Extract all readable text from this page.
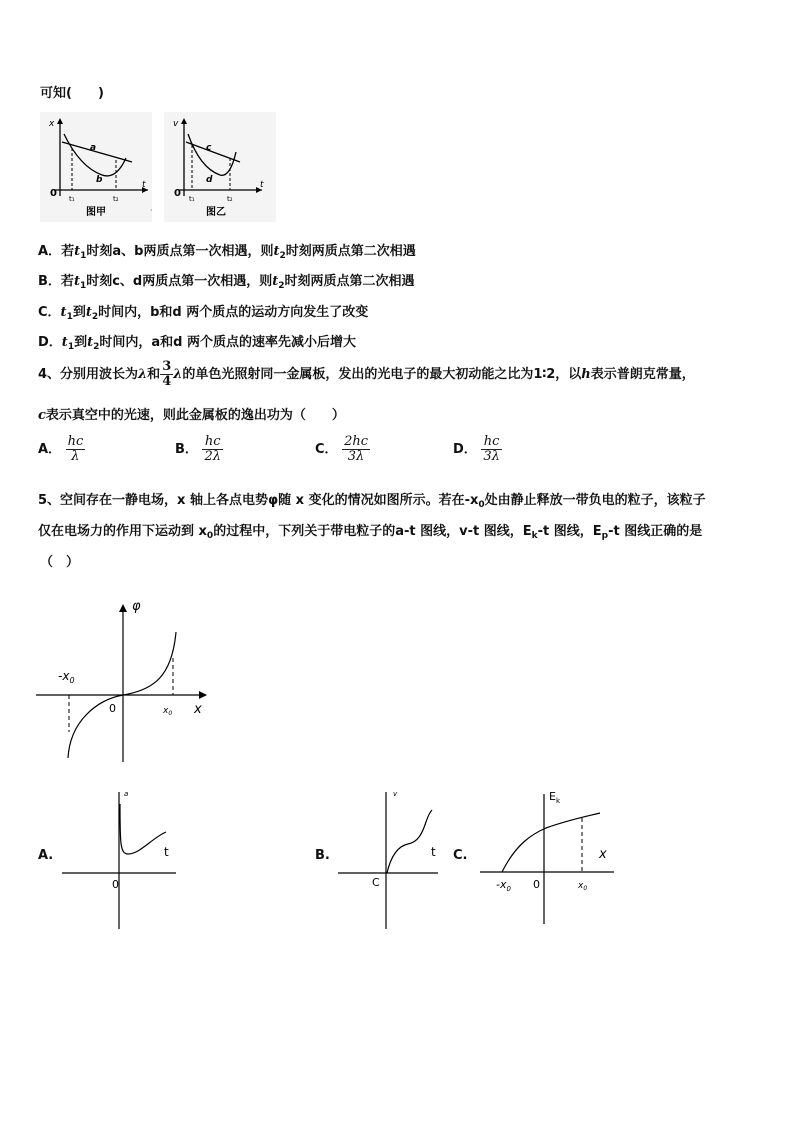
可知(　　)
x
0
t
a
b
t₁	t₂
图甲	·
v
0
t
c
d
t₁	t₂
图乙
A．若$t_1$时刻a、b两质点第一次相遇，则$t_2$时刻两质点第二次相遇
B．若$t_1$时刻c、d两质点第一次相遇，则$t_2$时刻两质点第二次相遇
C．$t_1$到$t_2$时间内，b和d 两个质点的运动方向发生了改变
D．$t_1$到$t_2$时间内，a和d 两个质点的速率先减小后增大
4、分别用波长为λ和 $\frac{3}{4}$ λ的单色光照射同一金属板，发出的光电子的最大初动能之比为1∶2，以h表示普朗克常量，
c表示真空中的光速，则此金属板的逸出功为（　　）
A． $\frac{hc}{\lambda}$	B． $\frac{hc}{2\lambda}$	C． $\frac{2hc}{3\lambda}$	D． $\frac{hc}{3\lambda}$
5、空间存在一静电场，x 轴上各点电势φ随 x 变化的情况如图所示。若在$-x_0$处由静止释放一带负电的粒子，该粒子
仅在电场力的作用下运动到 $x_0$的过程中，下列关于带电粒子的a-t 图线，v-t 图线，$E_k-t$ 图线，$E_p-t$ 图线正确的是
（　）
φ
$-x_0$
0	$x_0$ x
A.
a
t
0
B.
v
t
C
C.
$E_k$
x
$-x_0$ 0	$x_0$
